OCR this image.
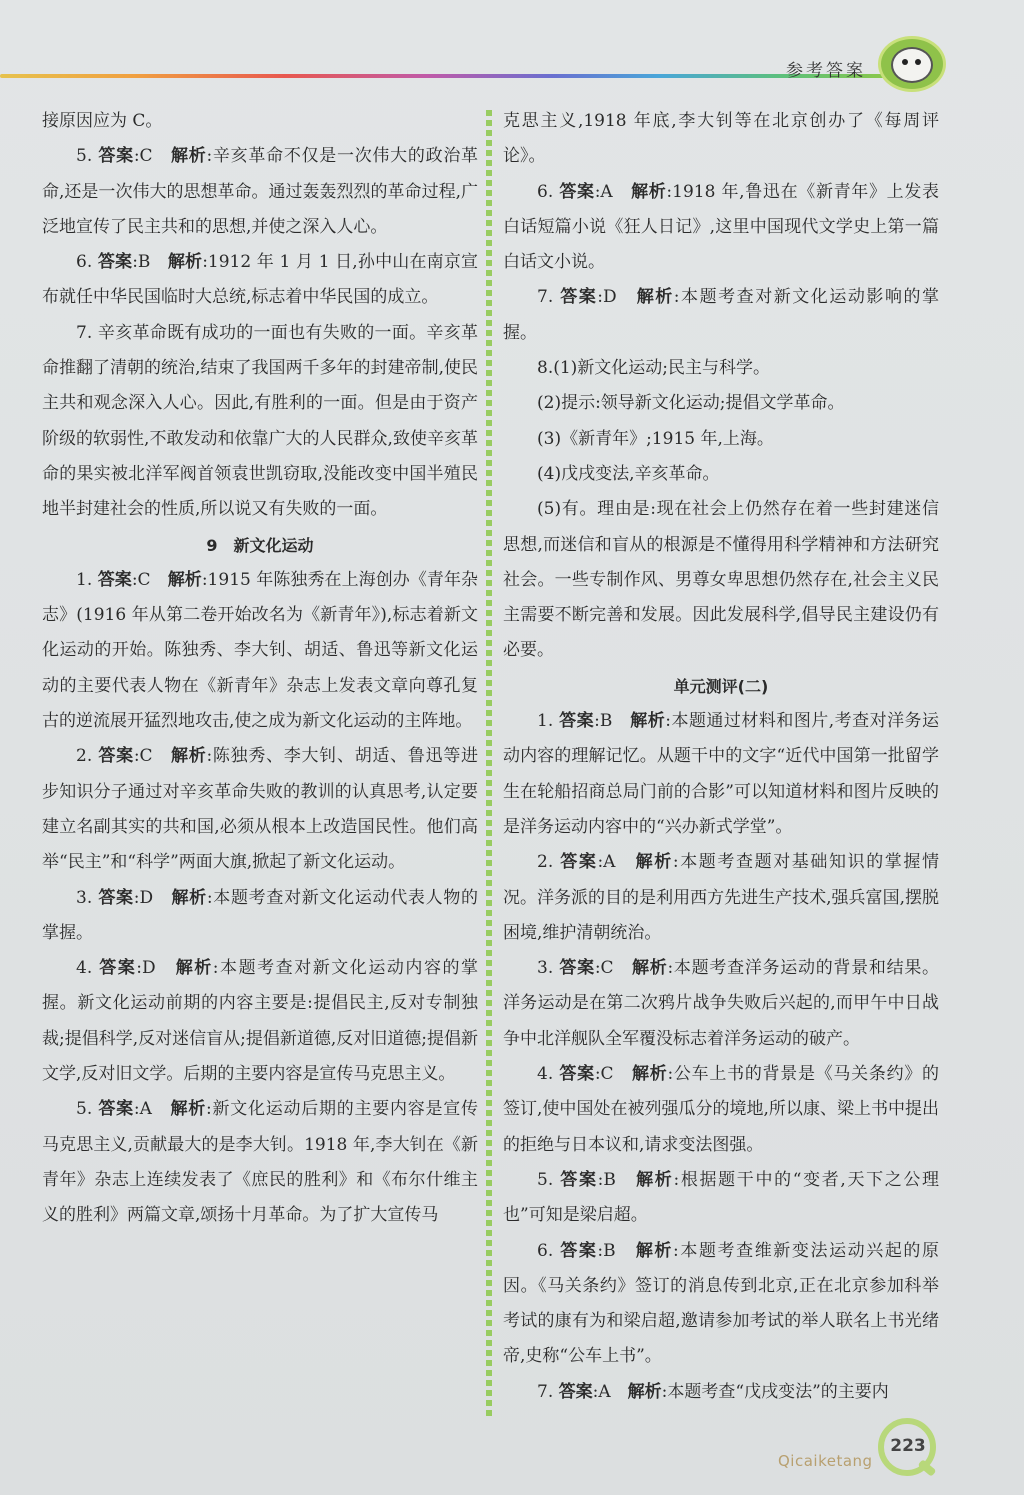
参考答案

接原因应为 C。

5. 答案:C　 解析:辛亥革命不仅是一次伟大的政治革命,还是一次伟大的思想革命。通过轰轰烈烈的革命过程,广泛地宣传了民主共和的思想,并使之深入人心。

6. 答案:B　 解析:1912 年 1 月 1 日,孙中山在南京宣布就任中华民国临时大总统,标志着中华民国的成立。

7. 辛亥革命既有成功的一面也有失败的一面。辛亥革命推翻了清朝的统治,结束了我国两千多年的封建帝制,使民主共和观念深入人心。因此,有胜利的一面。但是由于资产阶级的软弱性,不敢发动和依靠广大的人民群众,致使辛亥革命的果实被北洋军阀首领袁世凯窃取,没能改变中国半殖民地半封建社会的性质,所以说又有失败的一面。

9　新文化运动

1. 答案:C　 解析:1915 年陈独秀在上海创办《青年杂志》(1916 年从第二卷开始改名为《新青年》),标志着新文化运动的开始。陈独秀、李大钊、胡适、鲁迅等新文化运动的主要代表人物在《新青年》杂志上发表文章向尊孔复古的逆流展开猛烈地攻击,使之成为新文化运动的主阵地。

2. 答案:C　 解析:陈独秀、李大钊、胡适、鲁迅等进步知识分子通过对辛亥革命失败的教训的认真思考,认定要建立名副其实的共和国,必须从根本上改造国民性。他们高举“民主”和“科学”两面大旗,掀起了新文化运动。

3. 答案:D　 解析:本题考查对新文化运动代表人物的掌握。

4. 答案:D　 解析:本题考查对新文化运动内容的掌握。新文化运动前期的内容主要是:提倡民主,反对专制独裁;提倡科学,反对迷信盲从;提倡新道德,反对旧道德;提倡新文学,反对旧文学。后期的主要内容是宣传马克思主义。

5. 答案:A　 解析:新文化运动后期的主要内容是宣传马克思主义,贡献最大的是李大钊。1918 年,李大钊在《新青年》杂志上连续发表了《庶民的胜利》和《布尔什维主义的胜利》两篇文章,颂扬十月革命。为了扩大宣传马

克思主义,1918 年底,李大钊等在北京创办了《每周评论》。

6. 答案:A　 解析:1918 年,鲁迅在《新青年》上发表白话短篇小说《狂人日记》,这里中国现代文学史上第一篇白话文小说。

7. 答案:D　 解析:本题考查对新文化运动影响的掌握。

8.(1)新文化运动;民主与科学。

(2)提示:领导新文化运动;提倡文学革命。

(3)《新青年》;1915 年,上海。

(4)戊戌变法,辛亥革命。

(5)有。理由是:现在社会上仍然存在着一些封建迷信思想,而迷信和盲从的根源是不懂得用科学精神和方法研究社会。一些专制作风、男尊女卑思想仍然存在,社会主义民主需要不断完善和发展。因此发展科学,倡导民主建设仍有必要。

单元测评(二)

1. 答案:B　 解析:本题通过材料和图片,考查对洋务运动内容的理解记忆。从题干中的文字“近代中国第一批留学生在轮船招商总局门前的合影”可以知道材料和图片反映的是洋务运动内容中的“兴办新式学堂”。

2. 答案:A　 解析:本题考查题对基础知识的掌握情况。洋务派的目的是利用西方先进生产技术,强兵富国,摆脱困境,维护清朝统治。

3. 答案:C　 解析:本题考查洋务运动的背景和结果。洋务运动是在第二次鸦片战争失败后兴起的,而甲午中日战争中北洋舰队全军覆没标志着洋务运动的破产。

4. 答案:C　 解析:公车上书的背景是《马关条约》的签订,使中国处在被列强瓜分的境地,所以康、梁上书中提出的拒绝与日本议和,请求变法图强。

5. 答案:B　 解析:根据题干中的“变者,天下之公理也”可知是梁启超。

6. 答案:B　 解析:本题考查维新变法运动兴起的原因。《马关条约》签订的消息传到北京,正在北京参加科举考试的康有为和梁启超,邀请参加考试的举人联名上书光绪帝,史称“公车上书”。

7. 答案:A　 解析:本题考查“戊戌变法”的主要内

Qicaiketang
223
